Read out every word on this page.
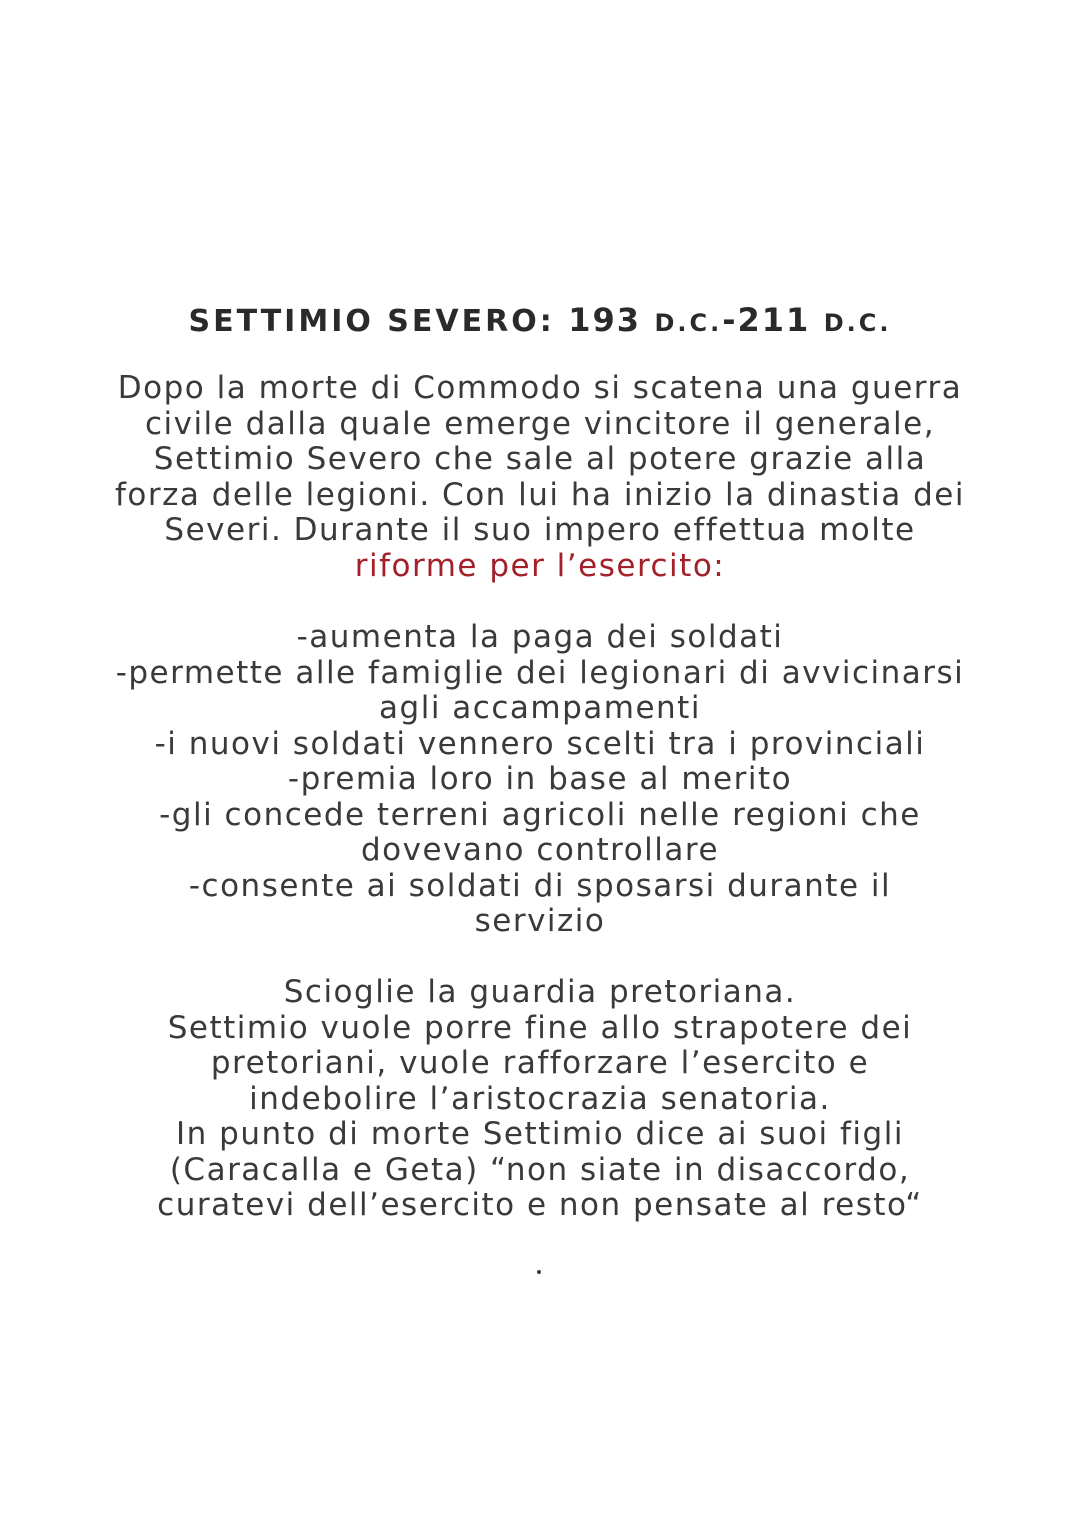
SETTIMIO SEVERO: 193 D.C.-211 D.C.
Dopo la morte di Commodo si scatena una guerra
civile dalla quale emerge vincitore il generale,
Settimio Severo che sale al potere grazie alla
forza delle legioni. Con lui ha inizio la dinastia dei
Severi. Durante il suo impero effettua molte
riforme per l’esercito:
-aumenta la paga dei soldati
-permette alle famiglie dei legionari di avvicinarsi
agli accampamenti
-i nuovi soldati vennero scelti tra i provinciali
-premia loro in base al merito
-gli concede terreni agricoli nelle regioni che
dovevano controllare
-consente ai soldati di sposarsi durante il
servizio
Scioglie la guardia pretoriana.
Settimio vuole porre fine allo strapotere dei
pretoriani, vuole rafforzare l’esercito e
indebolire l’aristocrazia senatoria.
In punto di morte Settimio dice ai suoi figli
(Caracalla e Geta) “non siate in disaccordo,
curatevi dell’esercito e non pensate al resto“
